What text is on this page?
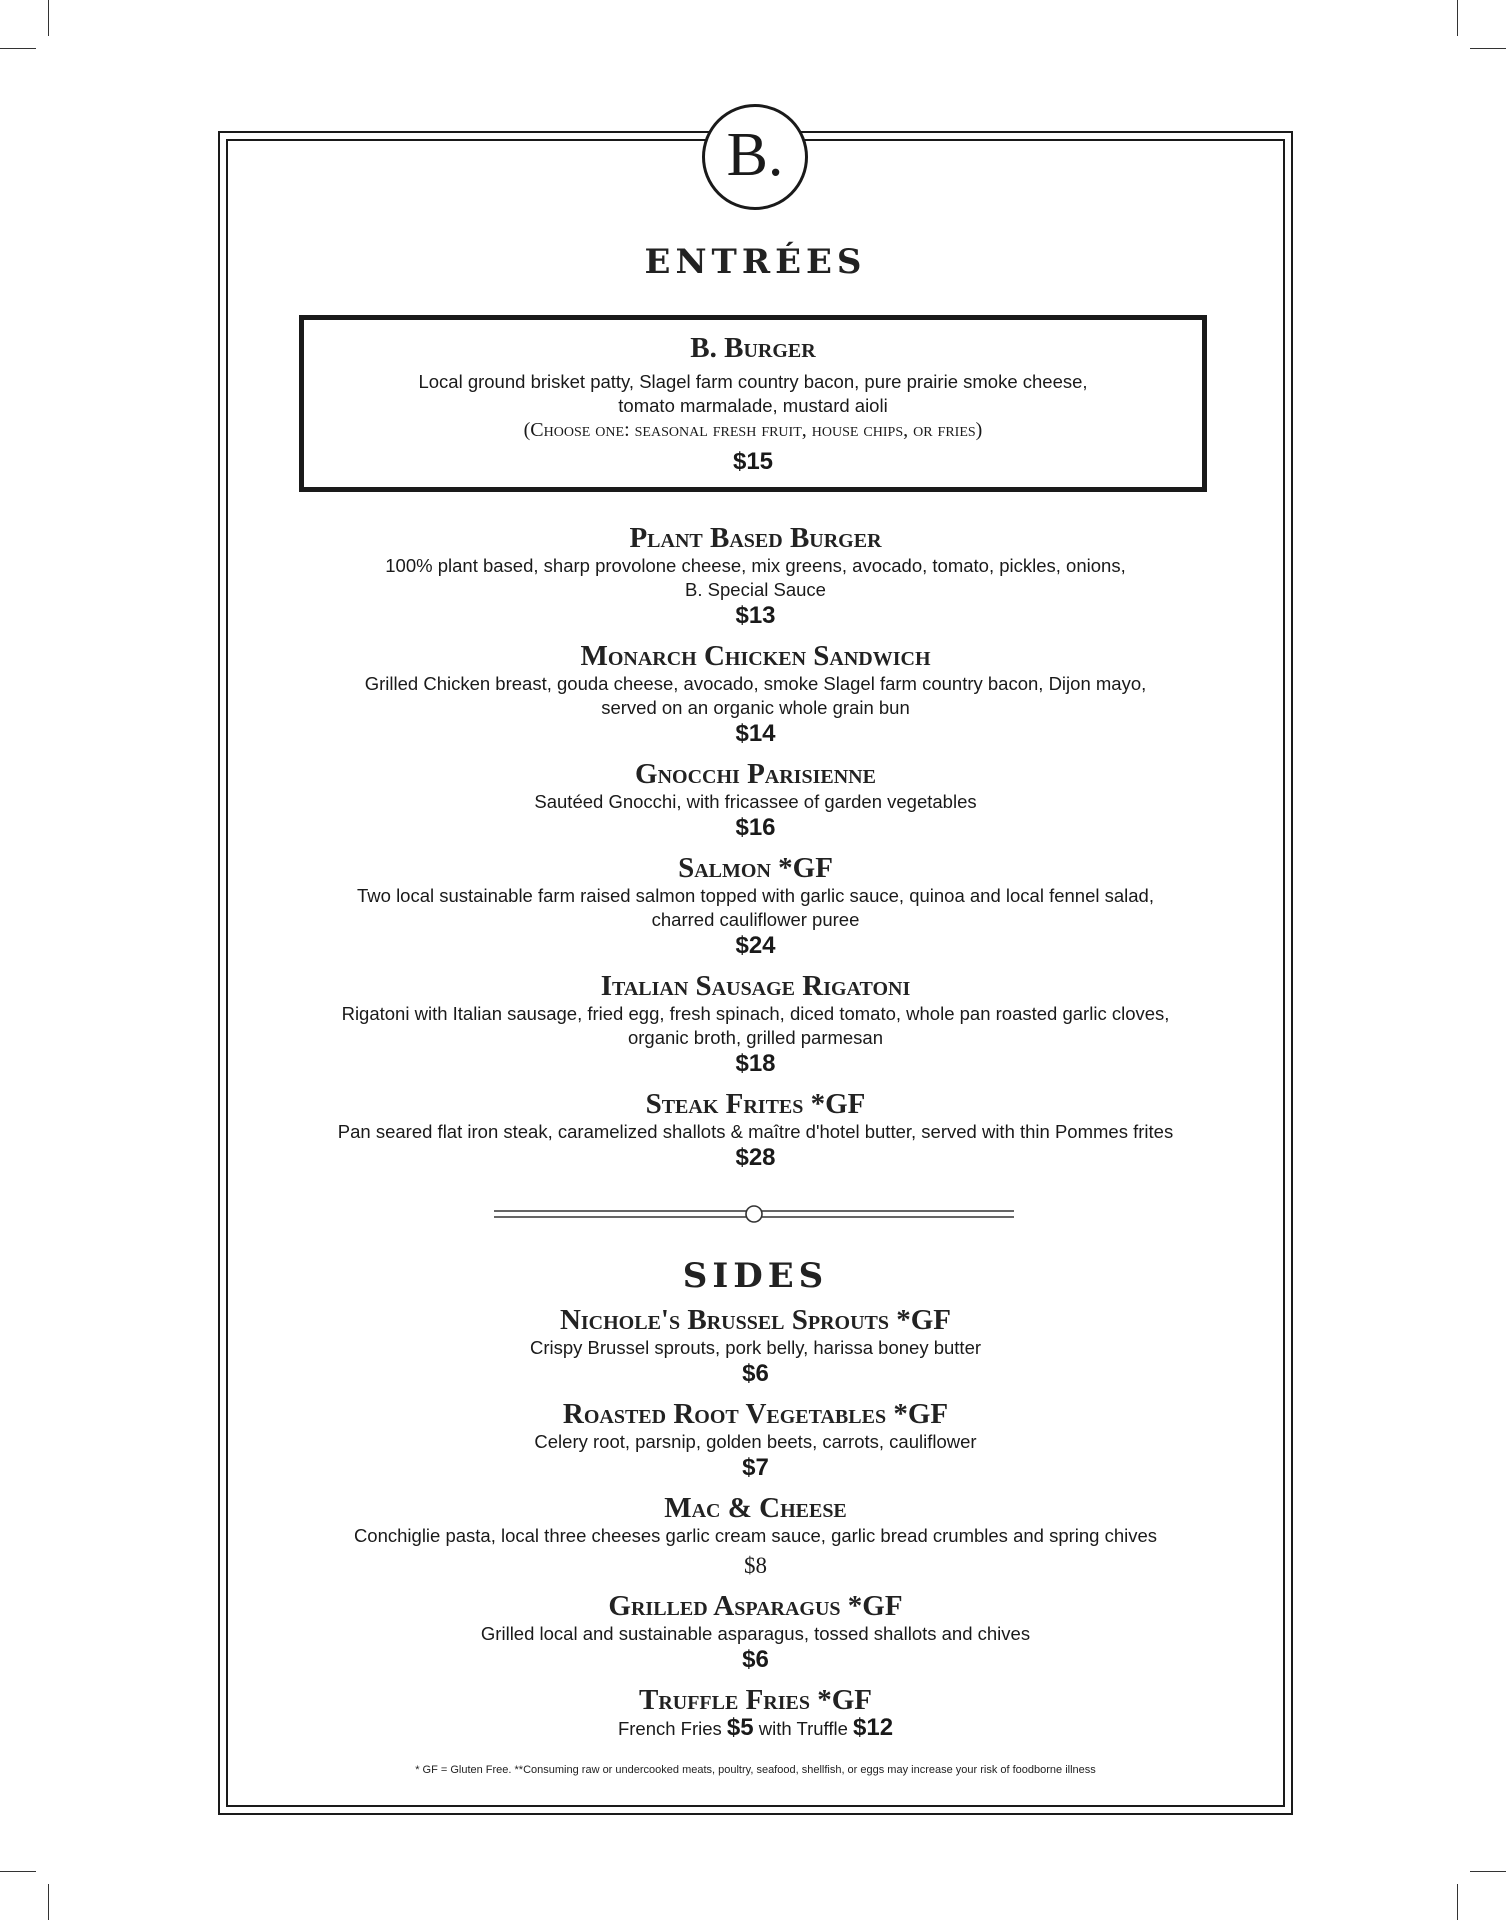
B.
ENTRÉES
B. Burger
Local ground brisket patty, Slagel farm country bacon, pure prairie smoke cheese,
tomato marmalade, mustard aioli
(Choose one: seasonal fresh fruit, house chips, or fries)
$15
Plant Based Burger
100% plant based, sharp provolone cheese, mix greens, avocado, tomato, pickles, onions,
B. Special Sauce
$13
Monarch Chicken Sandwich
Grilled Chicken breast, gouda cheese, avocado, smoke Slagel farm country bacon, Dijon mayo,
served on an organic whole grain bun
$14
Gnocchi Parisienne
Sautéed Gnocchi, with fricassee of garden vegetables
$16
Salmon *GF
Two local sustainable farm raised salmon topped with garlic sauce, quinoa and local fennel salad,
charred cauliflower puree
$24
Italian Sausage Rigatoni
Rigatoni with Italian sausage, fried egg, fresh spinach, diced tomato, whole pan roasted garlic cloves,
organic broth, grilled parmesan
$18
Steak Frites *GF
Pan seared flat iron steak, caramelized shallots & maître d'hotel butter, served with thin Pommes frites
$28
SIDES
Nichole's Brussel Sprouts *GF
Crispy Brussel sprouts, pork belly, harissa boney butter
$6
Roasted Root Vegetables *GF
Celery root, parsnip, golden beets, carrots, cauliflower
$7
Mac & Cheese
Conchiglie pasta, local three cheeses garlic cream sauce, garlic bread crumbles and spring chives
$8
Grilled Asparagus *GF
Grilled local and sustainable asparagus, tossed shallots and chives
$6
Truffle Fries *GF
French Fries $5 with Truffle $12
* GF = Gluten Free. **Consuming raw or undercooked meats, poultry, seafood, shellfish, or eggs may increase your risk of foodborne illness
